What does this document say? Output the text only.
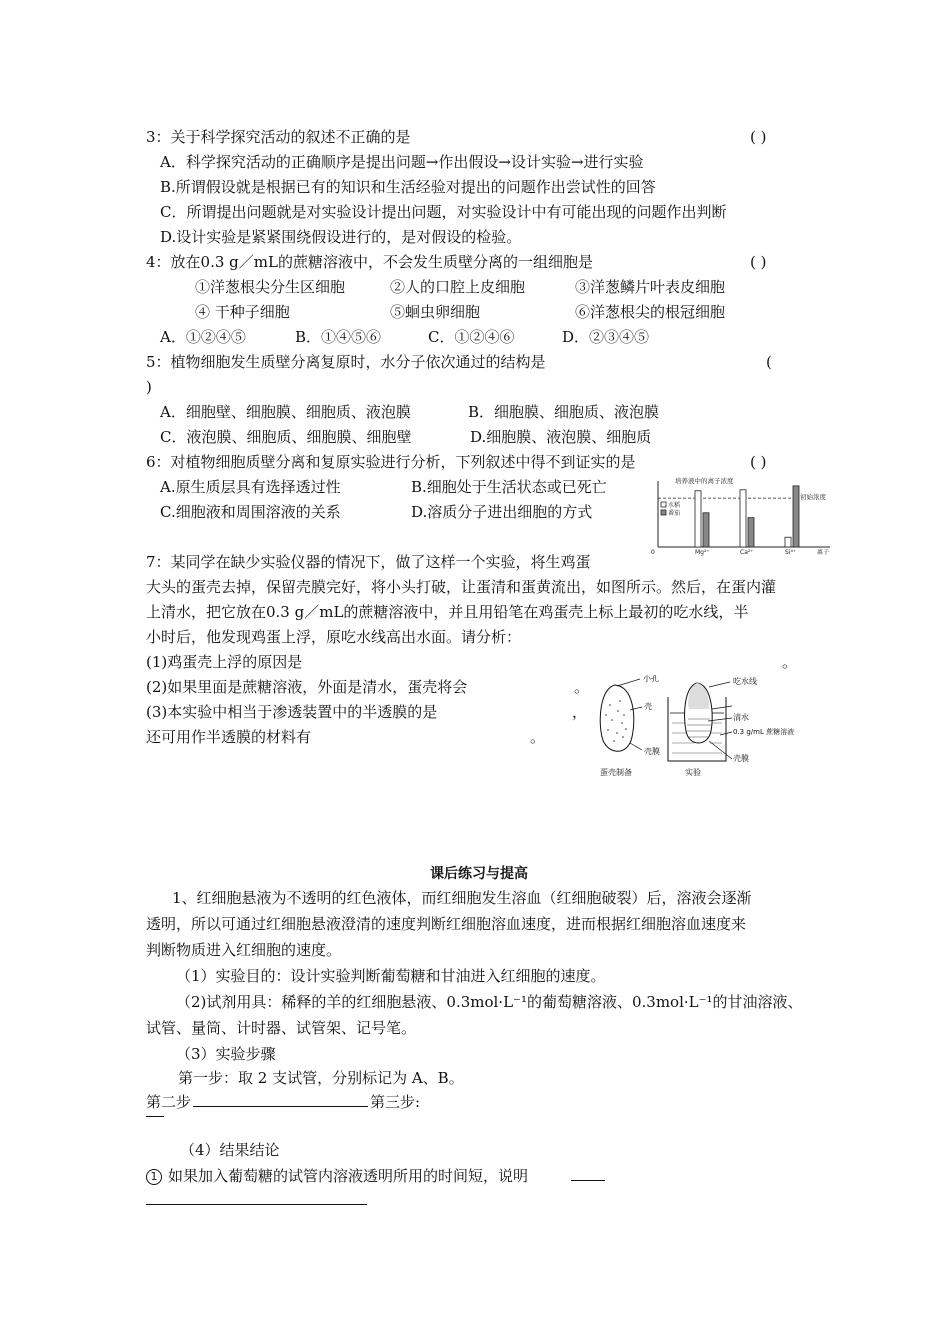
3：关于科学探究活动的叙述不正确的是	( )
A．科学探究活动的正确顺序是提出问题→作出假设→设计实验→进行实验
B.所谓假设就是根据已有的知识和生活经验对提出的问题作出尝试性的回答
C．所谓提出问题就是对实验设计提出问题，对实验设计中有可能出现的问题作出判断
D.设计实验是紧紧围绕假设进行的，是对假设的检验。
4：放在0.3 g／mL的蔗糖溶液中，不会发生质壁分离的一组细胞是	( )
①洋葱根尖分生区细胞	②人的口腔上皮细胞	③洋葱鳞片叶表皮细胞
④ 干种子细胞	⑤蛔虫卵细胞	⑥洋葱根尖的根冠细胞
A．①②④⑤	B．①④⑤⑥	C．①②④⑥	D．②③④⑤
5：植物细胞发生质壁分离复原时，水分子依次通过的结构是	(
)
A．细胞壁、细胞膜、细胞质、液泡膜	B．细胞膜、细胞质、液泡膜
C．液泡膜、细胞质、细胞膜、细胞壁	D.细胞膜、液泡膜、细胞质
6：对植物细胞质壁分离和复原实验进行分析，下列叙述中得不到证实的是	( )
A.原生质层具有选择透过性	B.细胞处于生活状态或已死亡
C.细胞液和周围溶液的关系	D.溶质分子进出细胞的方式
培养液中的离子浓度
水稻
番茄
初始浓度
0	Mg²⁺	Ca²⁺	Si⁴⁺	离子
7：某同学在缺少实验仪器的情况下，做了这样一个实验，将生鸡蛋
大头的蛋壳去掉，保留壳膜完好，将小头打破，让蛋清和蛋黄流出，如图所示。然后，在蛋内灌
上清水，把它放在0.3 g／mL的蔗糖溶液中，并且用铅笔在鸡蛋壳上标上最初的吃水线，半
小时后，他发现鸡蛋上浮，原吃水线高出水面。请分析：
(1)鸡蛋壳上浮的原因是	。
(2)如果里面是蔗糖溶液，外面是清水，蛋壳将会	。
(3)本实验中相当于渗透装置中的半透膜的是	，
还可用作半透膜的材料有	。
小孔
壳
壳膜
蛋壳制备
吃水线
清水
0.3 g/mL 蔗糖溶液
壳膜
实验
课后练习与提高
1、红细胞悬液为不透明的红色液体，而红细胞发生溶血（红细胞破裂）后，溶液会逐渐
透明，所以可通过红细胞悬液澄清的速度判断红细胞溶血速度，进而根据红细胞溶血速度来
判断物质进入红细胞的速度。
（1）实验目的：设计实验判断葡萄糖和甘油进入红细胞的速度。
（2)试剂用具：稀释的羊的红细胞悬液、0.3mol·L⁻¹的葡萄糖溶液、0.3mol·L⁻¹的甘油溶液、
试管、量筒、计时器、试管架、记号笔。
（3）实验步骤
第一步：取 2 支试管，分别标记为 A、B。
第二步	第三步:
（4）结果结论
1 如果加入葡萄糖的试管内溶液透明所用的时间短，说明
